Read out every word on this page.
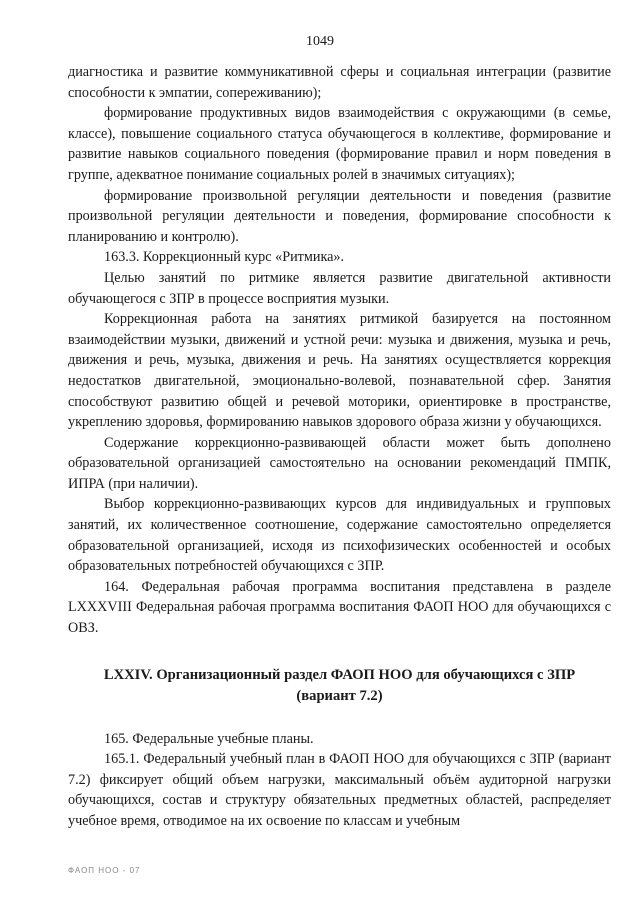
1049

диагностика и развитие коммуникативной сферы и социальная интеграции (развитие способности к эмпатии, сопереживанию);

формирование продуктивных видов взаимодействия с окружающими (в семье, классе), повышение социального статуса обучающегося в коллективе, формирование и развитие навыков социального поведения (формирование правил и норм поведения в группе, адекватное понимание социальных ролей в значимых ситуациях);

формирование произвольной регуляции деятельности и поведения (развитие произвольной регуляции деятельности и поведения, формирование способности к планированию и контролю).

163.3. Коррекционный курс «Ритмика».

Целью занятий по ритмике является развитие двигательной активности обучающегося с ЗПР в процессе восприятия музыки.

Коррекционная работа на занятиях ритмикой базируется на постоянном взаимодействии музыки, движений и устной речи: музыка и движения, музыка и речь, движения и речь, музыка, движения и речь. На занятиях осуществляется коррекция недостатков двигательной, эмоционально-волевой, познавательной сфер. Занятия способствуют развитию общей и речевой моторики, ориентировке в пространстве, укреплению здоровья, формированию навыков здорового образа жизни у обучающихся.

Содержание коррекционно-развивающей области может быть дополнено образовательной организацией самостоятельно на основании рекомендаций ПМПК, ИПРА (при наличии).

Выбор коррекционно-развивающих курсов для индивидуальных и групповых занятий, их количественное соотношение, содержание самостоятельно определяется образовательной организацией, исходя из психофизических особенностей и особых образовательных потребностей обучающихся с ЗПР.

164. Федеральная рабочая программа воспитания представлена в разделе LXXXVIII Федеральная рабочая программа воспитания ФАОП НОО для обучающихся с ОВЗ.

LXXIV. Организационный раздел ФАОП НОО для обучающихся с ЗПР
(вариант 7.2)

165. Федеральные учебные планы.

165.1. Федеральный учебный план в ФАОП НОО для обучающихся с ЗПР (вариант 7.2) фиксирует общий объем нагрузки, максимальный объём аудиторной нагрузки обучающихся, состав и структуру обязательных предметных областей, распределяет учебное время, отводимое на их освоение по классам и учебным

ФАОП НОО - 07
